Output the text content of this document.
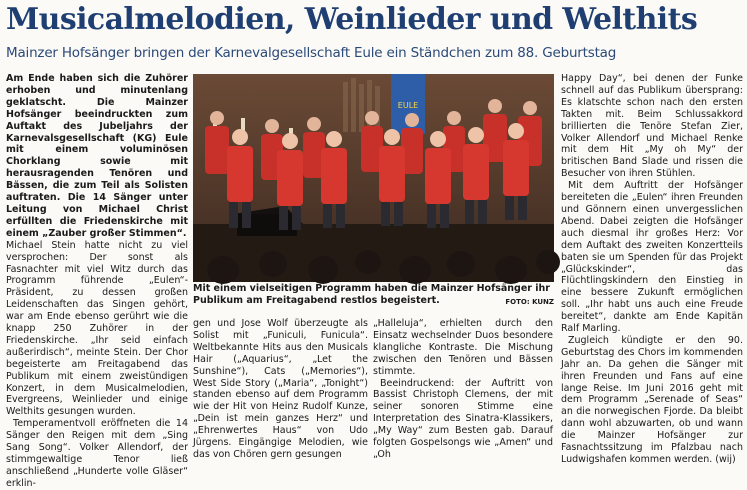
Musicalmelodien, Weinlieder und Welthits
Mainzer Hofsänger bringen der Karnevalgesellschaft Eule ein Ständchen zum 88. Geburtstag

Am Ende haben sich die Zuhörer erhoben und minutenlang geklatscht. Die Mainzer Hofsänger beeindruckten zum Auftakt des Jubeljahrs der Karnevalsgesellschaft (KG) Eule mit einem voluminösen Chorklang sowie mit herausragenden Tenören und Bässen, die zum Teil als Solisten auftraten. Die 14 Sänger unter Leitung von Michael Christ erfüllten die Friedenskirche mit einem „Zauber großer Stimmen“.

Michael Stein hatte nicht zu viel versprochen: Der sonst als Fasnachter mit viel Witz durch das Programm führende „Eulen“-Präsident, zu dessen großen Leidenschaften das Singen gehört, war am Ende ebenso gerührt wie die knapp 250 Zuhörer in der Friedenskirche. „Ihr seid einfach außerirdisch“, meinte Stein. Der Chor begeisterte am Freitagabend das Publikum mit einem zweistündigen Konzert, in dem Musicalmelodien, Evergreens, Weinlieder und einige Welthits gesungen wurden.

Temperamentvoll eröffneten die 14 Sänger den Reigen mit dem „Sing Sang Song“. Volker Allendorf, der stimmgewaltige Tenor ließ anschließend „Hunderte volle Gläser“ erklin-

EULE
Mit einem vielseitigen Programm haben die Mainzer Hofsänger ihr Publikum am Freitagabend restlos begeistert.	FOTO: KUNZ

gen und Jose Wolf überzeugte als Solist mit „Funiculi, Funicula“. Weltbekannte Hits aus den Musicals Hair („Aquarius“, „Let the Sunshine“), Cats („Memories“), West Side Story („Maria“, „Tonight“) standen ebenso auf dem Programm wie der Hit von Heinz Rudolf Kunze, „Dein ist mein ganzes Herz“ und „Ehrenwertes Haus“ von Udo Jürgens. Eingängige Melodien, wie das von Chören gern gesungen

„Halleluja“, erhielten durch den Einsatz wechselnder Duos besondere klangliche Kontraste. Die Mischung zwischen den Tenören und Bässen stimmte.

Beeindruckend: der Auftritt von Bassist Christoph Clemens, der mit seiner sonoren Stimme eine Interpretation des Sinatra-Klassikers, „My Way“ zum Besten gab. Darauf folgten Gospelsongs wie „Amen“ und „Oh

Happy Day“, bei denen der Funke schnell auf das Publikum übersprang: Es klatschte schon nach den ersten Takten mit. Beim Schlussakkord brillierten die Tenöre Stefan Zier, Volker Allendorf und Michael Renke mit dem Hit „My oh My“ der britischen Band Slade und rissen die Besucher von ihren Stühlen.

Mit dem Auftritt der Hofsänger bereiteten die „Eulen“ ihren Freunden und Gönnern einen unvergesslichen Abend. Dabei zeigten die Hofsänger auch diesmal ihr großes Herz: Vor dem Auftakt des zweiten Konzertteils baten sie um Spenden für das Projekt „Glückskinder“, das Flüchtlingskindern den Einstieg in eine bessere Zukunft ermöglichen soll. „Ihr habt uns auch eine Freude bereitet“, dankte am Ende Kapitän Ralf Marling.

Zugleich kündigte er den 90. Geburtstag des Chors im kommenden Jahr an. Da gehen die Sänger mit ihren Freunden und Fans auf eine lange Reise. Im Juni 2016 geht mit dem Programm „Serenade of Seas“ an die norwegischen Fjorde. Da bleibt dann wohl abzuwarten, ob und wann die Mainzer Hofsänger zur Fasnachtssitzung im Pfalzbau nach Ludwigshafen kommen werden. (wij)
